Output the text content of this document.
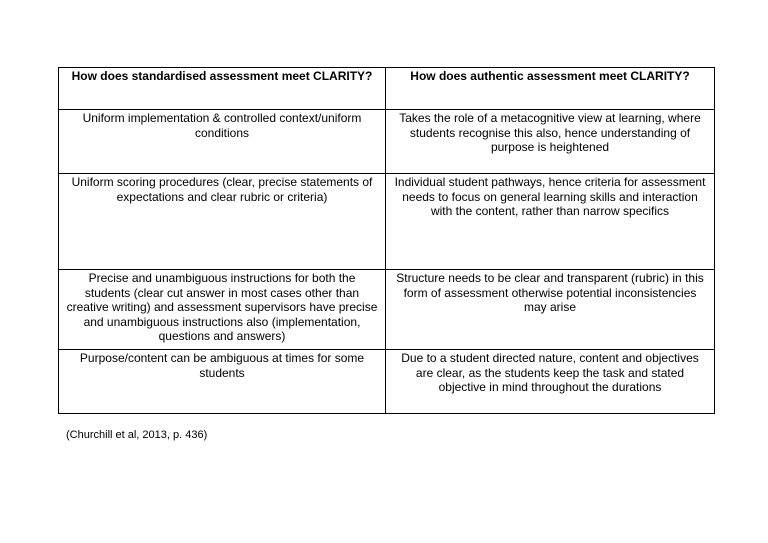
How does standardised assessment meet CLARITY?	How does authentic assessment meet CLARITY?
Uniform implementation & controlled context/uniform conditions	Takes the role of a metacognitive view at learning, where students recognise this also, hence understanding of purpose is heightened
Uniform scoring procedures (clear, precise statements of expectations and clear rubric or criteria)	Individual student pathways, hence criteria for assessment needs to focus on general learning skills and interaction with the content, rather than narrow specifics
Precise and unambiguous instructions for both the students (clear cut answer in most cases other than creative writing) and assessment supervisors have precise and unambiguous instructions also (implementation, questions and answers)	Structure needs to be clear and transparent (rubric) in this form of assessment otherwise potential inconsistencies may arise
Purpose/content can be ambiguous at times for some students	Due to a student directed nature, content and objectives are clear, as the students keep the task and stated objective in mind throughout the durations
(Churchill et al, 2013, p. 436)
